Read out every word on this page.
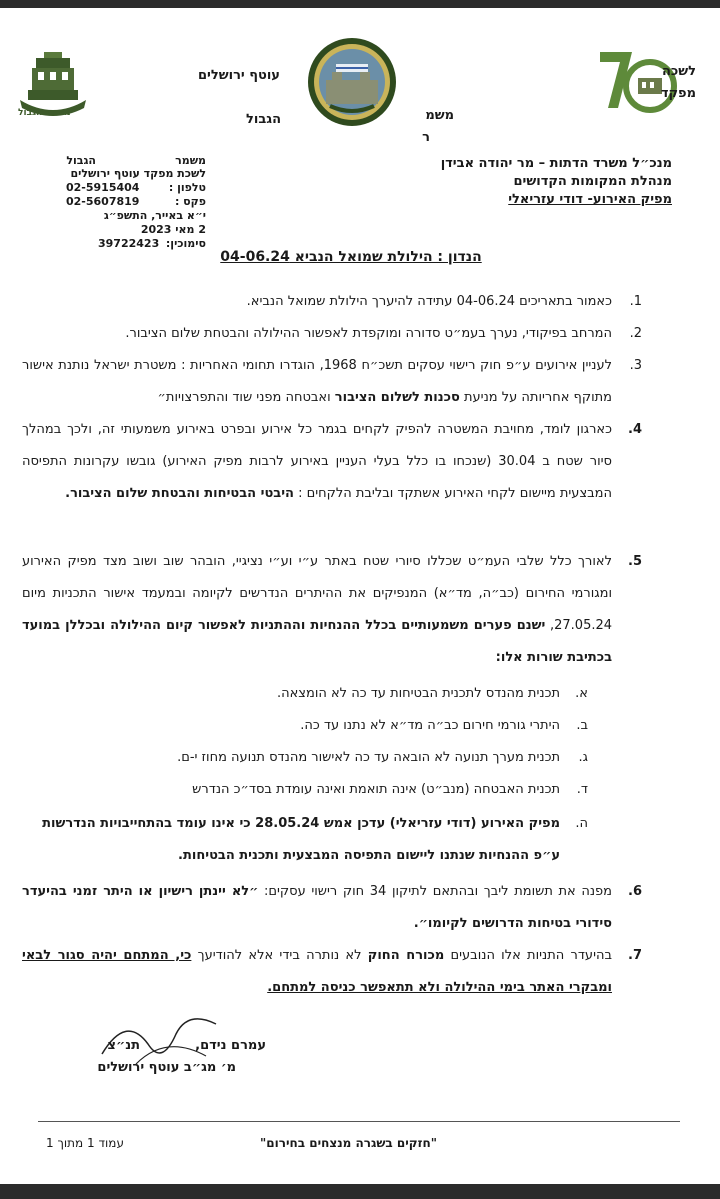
לשכה
מפקד
משמ
ר
עוטף ירושלים
הגבול
משמר הגבול
מנכ״ל משרד הדתות – מר יהודה אבידן
מנהלת המקומות הקדושים
מפיק האירוע- דודי עזריאלי
משמר
לשכת מפקד עוטף ירושלים
הגבול
טלפון :
02-5915404
פקס :
02-5607819
י״א באייר, התשפ״ג
2 מאי 2023
סימוכין:
39722423
הנדון : הילולת שמואל הנביא 04-06.24
1.
כאמור בתאריכים 04-06.24 עתידה להיערך הילולת שמואל הנביא.
2.
המרחב בפיקודי, נערך בעמ״ט סדורה ומוקפדת לאפשור ההילולה והבטחת שלום הציבור.
3.
לעניין אירועים ע״פ חוק רישוי עסקים תשכ״ח 1968, הוגדרו תחומי האחריות : משטרת ישראל נותנת אישור מתוקף אחריותה על מניעת סכנות לשלום הציבור ואבטחה מפני שוד והתפרצויות״
4.
כארגון לומד, מחויבת המשטרה להפיק לקחים בגמר כל אירוע ובפרט באירוע משמעותי זה, ולכך במהלך סיור שטח ב 30.04 (שנכחו בו כלל בעלי העניין באירוע לרבות מפיק האירוע) גובשו עקרונות התפיסה המבצעית מיישום לקחי האירוע אשתקד ובליבת הלקחים : היבטי הבטיחות והבטחת שלום הציבור.
5.
לאורך כלל שלבי העמ״ט שכללו סיורי שטח באתר ע״י וע״י נציגיי, הובהר שוב ושוב מצד מפיק האירוע ומגורמי החירום (כב״ה, מד״א) המנפיקים את ההיתרים הנדרשים לקיומה ובמעמד אישור התכניות מיום 27.05.24, ישנם פערים משמעותיים בכלל ההנחיות וההתניות לאפשור קיום ההילולה ובכללן במועד בכתיבת שורות אלו:
א.
תכנית מהנדס לתכנית הבטיחות עד כה לא הומצאה.
ב.
היתרי גורמי חירום כב״ה מד״א לא נתנו עד כה.
ג.
תכנית מערך תנועה לא הובאה עד כה לאישור מהנדס תנועה מחוז י-ם.
ד.
תכנית האבטחה (מנב״ט) אינה תואמת ואינה עומדת בסד״כ הנדרש
ה.
מפיק האירוע (דודי עזריאלי) עדכן אמש 28.05.24 כי אינו עומד בהתחייבויות הנדרשות ע״פ ההנחיות שנתנו ליישום התפיסה המבצעית ותכנית הבטיחות.
6.
מפנה את תשומת ליבך ובהתאם לתיקון 34 חוק רישוי עסקים: ״לא יינתן רישיון או היתר זמני בהיעדר סידורי בטיחות הדרושים לקיומו״.
7.
בהיעדר התניות אלו הנובעים מכורח החוק לא נותרה בידי אלא להודיעך כי, המתחם יהיה סגור לבאי ומבקרי האתר בימי ההילולה ולא תתאפשר כניסה למתחם.
עמרם נידם,
תנ״צ
מ׳ מג״ב עוטף ירושלים
"חזקים בשגרה מנצחים בחירום"
עמוד 1 מתוך 1
